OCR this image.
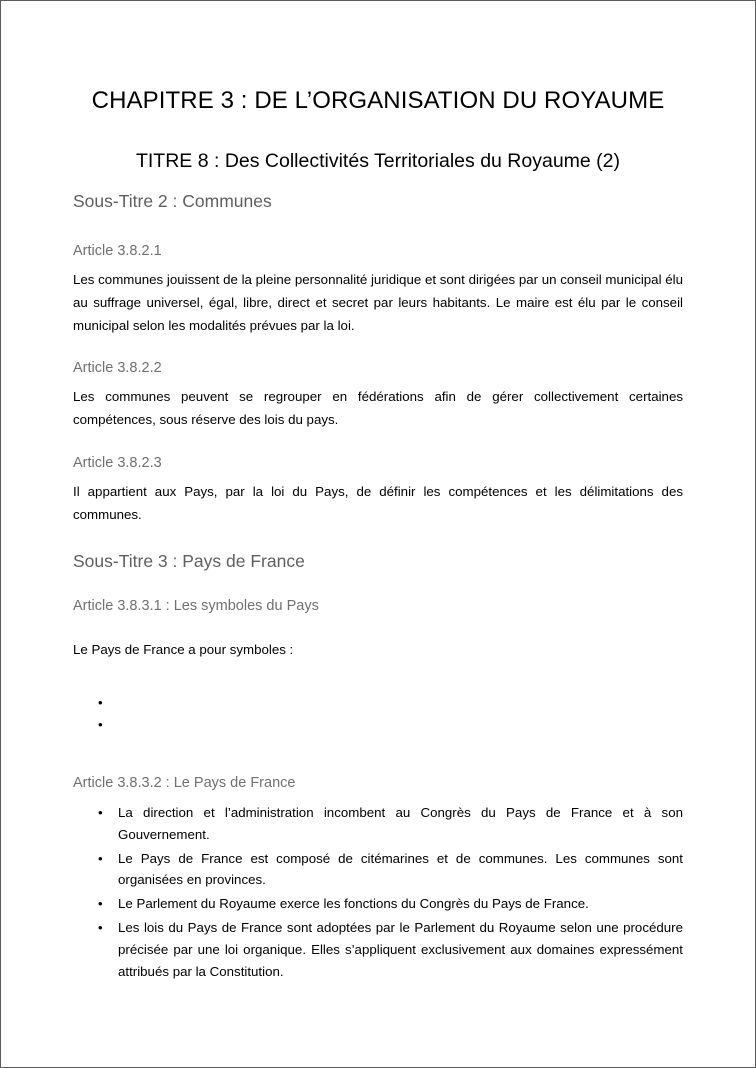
CHAPITRE 3 : DE L’ORGANISATION DU ROYAUME
TITRE 8 : Des Collectivités Territoriales du Royaume (2)
Sous-Titre 2 : Communes
Article 3.8.2.1
Les communes jouissent de la pleine personnalité juridique et sont dirigées par un conseil municipal élu au suffrage universel, égal, libre, direct et secret par leurs habitants. Le maire est élu par le conseil municipal selon les modalités prévues par la loi.
Article 3.8.2.2
Les communes peuvent se regrouper en fédérations afin de gérer collectivement certaines compétences, sous réserve des lois du pays.
Article 3.8.2.3
Il appartient aux Pays, par la loi du Pays, de définir les compétences et les délimitations des communes.
Sous-Titre 3 : Pays de France
Article 3.8.3.1 : Les symboles du Pays
Le Pays de France a pour symboles :
•
•
Article 3.8.3.2 : Le Pays de France
• La direction et l’administration incombent au Congrès du Pays de France et à son Gouvernement.
• Le Pays de France est composé de citémarines et de communes. Les communes sont organisées en provinces.
• Le Parlement du Royaume exerce les fonctions du Congrès du Pays de France.
• Les lois du Pays de France sont adoptées par le Parlement du Royaume selon une procédure précisée par une loi organique. Elles s’appliquent exclusivement aux domaines expressément attribués par la Constitution.
